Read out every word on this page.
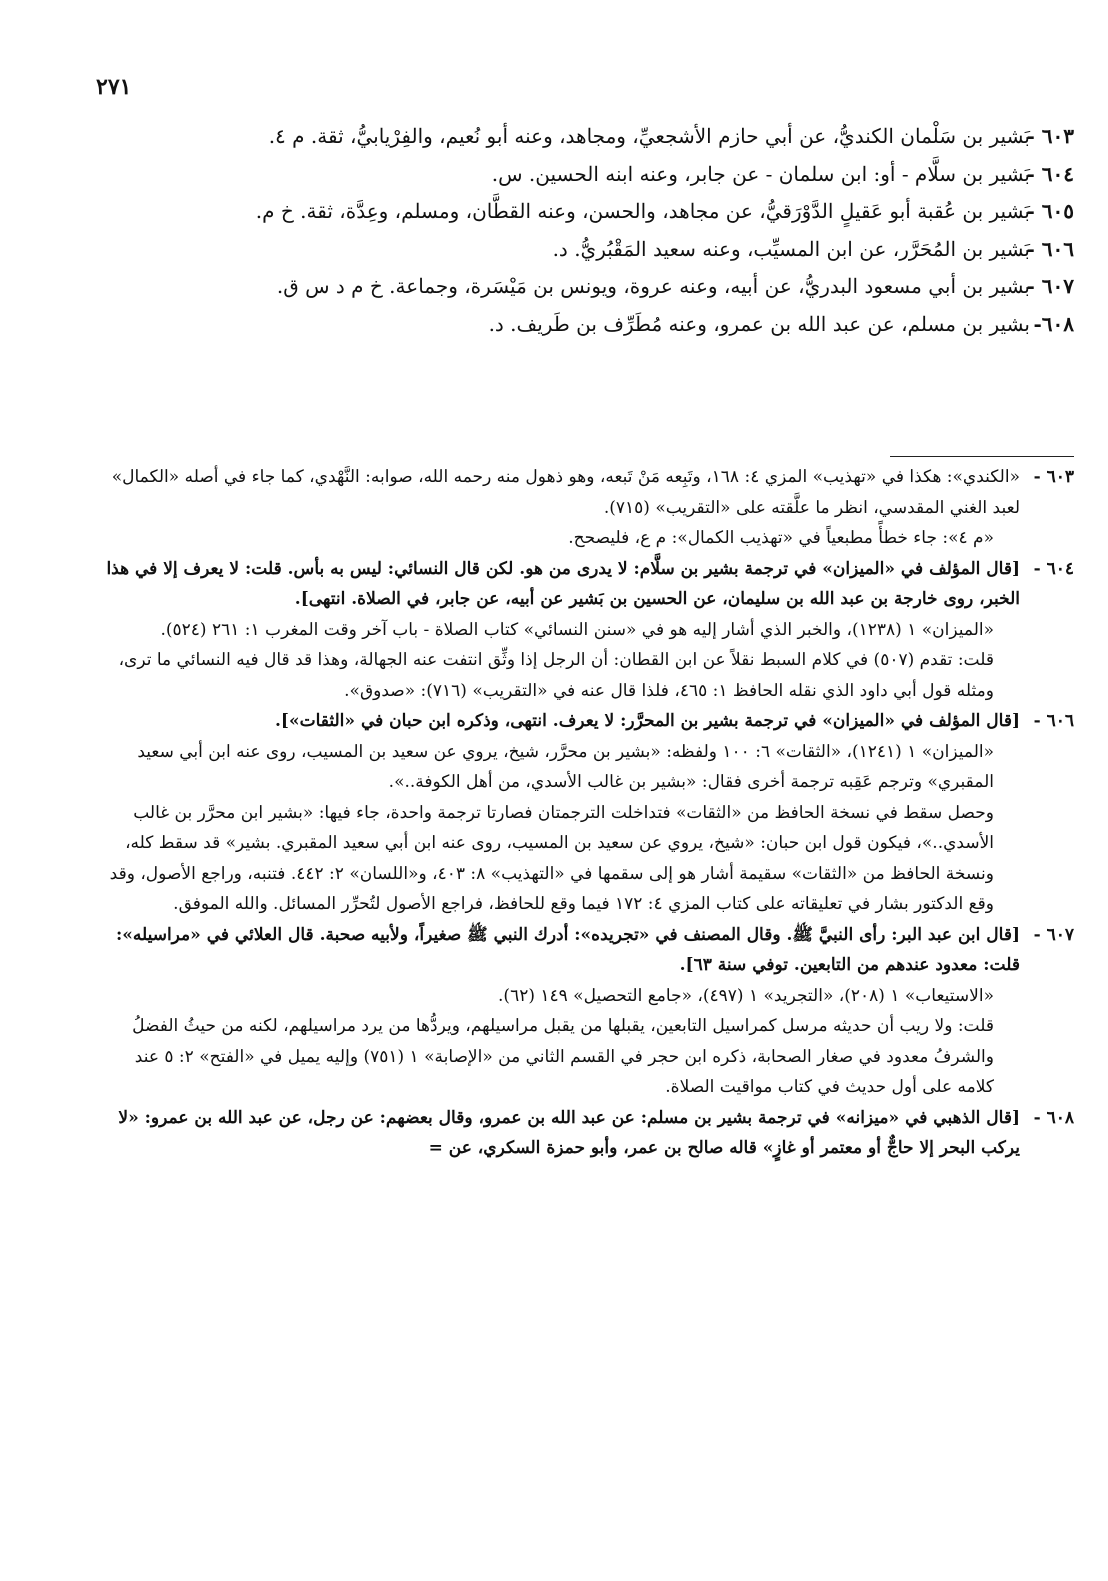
٢٧١

٦٠٣ -
بَشير بن سَلْمان الكنديُّ، عن أبي حازم الأشجعيِّ، ومجاهد، وعنه أبو نُعيم، والفِرْيابيُّ، ثقة. م ٤.

٦٠٤ -
بَشير بن سلَّام - أو: ابن سلمان - عن جابر، وعنه ابنه الحسين. س.

٦٠٥ -
بَشير بن عُقبة أبو عَقيلٍ الدَّوْرَقيُّ، عن مجاهد، والحسن، وعنه القطَّان، ومسلم، وعِدَّة، ثقة. خ م.

٦٠٦ -
بَشير بن المُحَرَّر، عن ابن المسيِّب، وعنه سعيد المَقْبُريُّ. د.

٦٠٧ -
بشير بن أبي مسعود البدريُّ، عن أبيه، وعنه عروة، ويونس بن مَيْسَرة، وجماعة. خ م د س ق.

٦٠٨-
بشير بن مسلم، عن عبد الله بن عمرو، وعنه مُطَرِّف بن طَريف. د.

٦٠٣ -
«الكندي»: هكذا في «تهذيب» المزي ٤: ١٦٨، وتَبِعه مَنْ تَبعه، وهو ذهول منه رحمه الله، صوابه: النَّهْدي، كما جاء في أصله «الكمال» لعبد الغني المقدسي، انظر ما علَّقته على «التقريب» (٧١٥).
«م ٤»: جاء خطأً مطبعياً في «تهذيب الكمال»: م ع، فليصحح.
٦٠٤ -
[قال المؤلف في «الميزان» في ترجمة بشير بن سلَّام: لا يدرى من هو. لكن قال النسائي: ليس به بأس. قلت: لا يعرف إلا في هذا الخبر، روى خارجة بن عبد الله بن سليمان، عن الحسين بن بَشير عن أبيه، عن جابر، في الصلاة. انتهى].
«الميزان» ١ (١٢٣٨)، والخبر الذي أشار إليه هو في «سنن النسائي» كتاب الصلاة - باب آخر وقت المغرب ١: ٢٦١ (٥٢٤).
قلت: تقدم (٥٠٧) في كلام السبط نقلاً عن ابن القطان: أن الرجل إذا وثِّق انتفت عنه الجهالة، وهذا قد قال فيه النسائي ما ترى، ومثله قول أبي داود الذي نقله الحافظ ١: ٤٦٥، فلذا قال عنه في «التقريب» (٧١٦): «صدوق».
٦٠٦ -
[قال المؤلف في «الميزان» في ترجمة بشير بن المحرَّر: لا يعرف. انتهى، وذكره ابن حبان في «الثقات»].
«الميزان» ١ (١٢٤١)، «الثقات» ٦: ١٠٠ ولفظه: «بشير بن محرَّر، شيخ، يروي عن سعيد بن المسيب، روى عنه ابن أبي سعيد المقبري» وترجم عَقِبه ترجمة أخرى فقال: «بشير بن غالب الأسدي، من أهل الكوفة..».
وحصل سقط في نسخة الحافظ من «الثقات» فتداخلت الترجمتان فصارتا ترجمة واحدة، جاء فيها: «بشير ابن محرَّر بن غالب الأسدي..»، فيكون قول ابن حبان: «شيخ، يروي عن سعيد بن المسيب، روى عنه ابن أبي سعيد المقبري. بشير» قد سقط كله، ونسخة الحافظ من «الثقات» سقيمة أشار هو إلى سقمها في «التهذيب» ٨: ٤٠٣، و«اللسان» ٢: ٤٤٢. فتنبه، وراجع الأصول، وقد وقع الدكتور بشار في تعليقاته على كتاب المزي ٤: ١٧٢ فيما وقع للحافظ، فراجع الأصول لتُحرِّر المسائل. والله الموفق.
٦٠٧ -
[قال ابن عبد البر: رأى النبيَّ ﷺ. وقال المصنف في «تجريده»: أدرك النبي ﷺ صغيراً، ولأبيه صحبة. قال العلائي في «مراسيله»: قلت: معدود عندهم من التابعين. توفي سنة ٦٣].
«الاستيعاب» ١ (٢٠٨)، «التجريد» ١ (٤٩٧)، «جامع التحصيل» ١٤٩ (٦٢).
قلت: ولا ريب أن حديثه مرسل كمراسيل التابعين، يقبلها من يقبل مراسيلهم، ويردُّها من يرد مراسيلهم، لكنه من حيثُ الفضلُ والشرفُ معدود في صغار الصحابة، ذكره ابن حجر في القسم الثاني من «الإصابة» ١ (٧٥١) وإليه يميل في «الفتح» ٢: ٥ عند كلامه على أول حديث في كتاب مواقيت الصلاة.
٦٠٨ -
[قال الذهبي في «ميزانه» في ترجمة بشير بن مسلم: عن عبد الله بن عمرو، وقال بعضهم: عن رجل، عن عبد الله بن عمرو: «لا يركب البحر إلا حاجٌّ أو معتمر أو غازٍ» قاله صالح بن عمر، وأبو حمزة السكري، عن =
